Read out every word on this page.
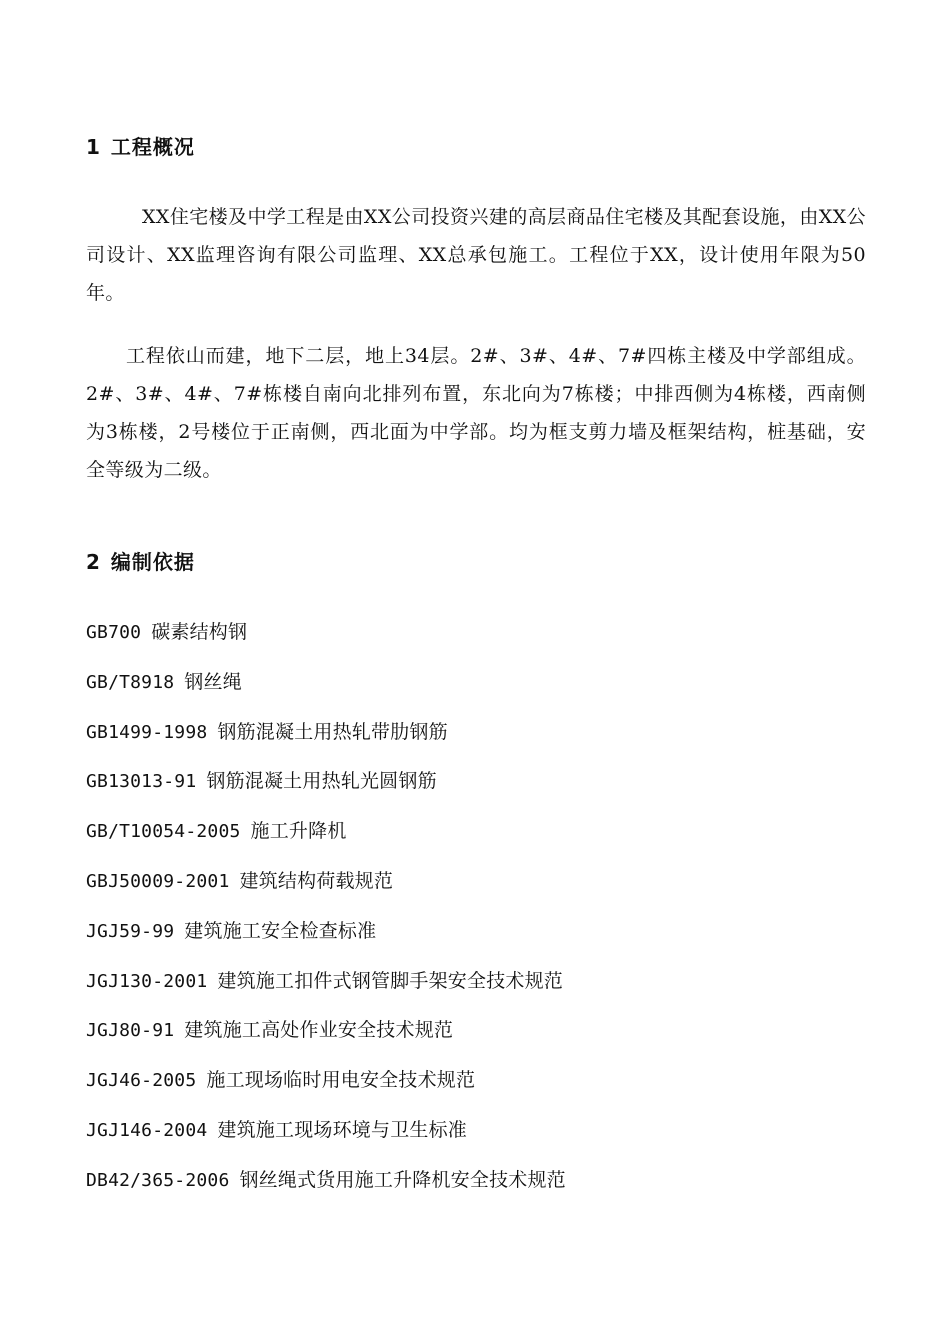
1 工程概况

XX住宅楼及中学工程是由XX公司投资兴建的高层商品住宅楼及其配套设施，由XX公司设计、XX监理咨询有限公司监理、XX总承包施工。工程位于XX，设计使用年限为50年。

工程依山而建，地下二层，地上34层。2#、3#、4#、7#四栋主楼及中学部组成。2#、3#、4#、7#栋楼自南向北排列布置，东北向为7栋楼；中排西侧为4栋楼，西南侧为3栋楼，2号楼位于正南侧，西北面为中学部。均为框支剪力墙及框架结构，桩基础，安全等级为二级。

2 编制依据
GB700 碳素结构钢
GB/T8918 钢丝绳
GB1499-1998 钢筋混凝土用热轧带肋钢筋
GB13013-91 钢筋混凝土用热轧光圆钢筋
GB/T10054-2005 施工升降机
GBJ50009-2001 建筑结构荷载规范
JGJ59-99 建筑施工安全检查标准
JGJ130-2001 建筑施工扣件式钢管脚手架安全技术规范
JGJ80-91 建筑施工高处作业安全技术规范
JGJ46-2005 施工现场临时用电安全技术规范
JGJ146-2004 建筑施工现场环境与卫生标准
DB42/365-2006 钢丝绳式货用施工升降机安全技术规范
